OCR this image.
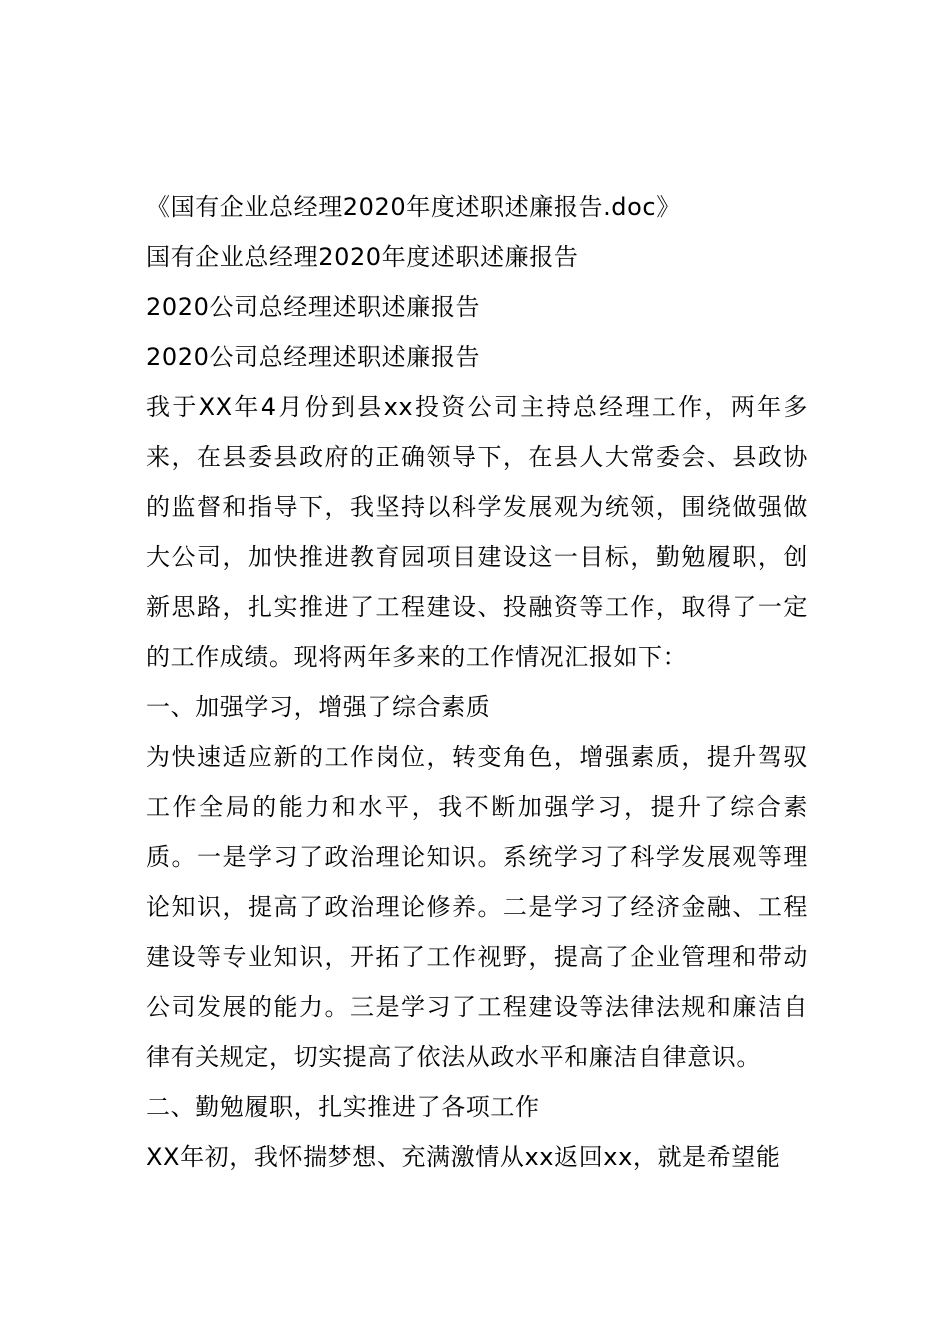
《国有企业总经理2020年度述职述廉报告.doc》
国有企业总经理2020年度述职述廉报告
2020公司总经理述职述廉报告
2020公司总经理述职述廉报告
我于XX年4月份到县xx投资公司主持总经理工作，两年多来，在县委县政府的正确领导下，在县人大常委会、县政协的监督和指导下，我坚持以科学发展观为统领，围绕做强做大公司，加快推进教育园项目建设这一目标，勤勉履职，创新思路，扎实推进了工程建设、投融资等工作，取得了一定的工作成绩。现将两年多来的工作情况汇报如下：
一、加强学习，增强了综合素质
为快速适应新的工作岗位，转变角色，增强素质，提升驾驭工作全局的能力和水平，我不断加强学习，提升了综合素质。一是学习了政治理论知识。系统学习了科学发展观等理论知识，提高了政治理论修养。二是学习了经济金融、工程建设等专业知识，开拓了工作视野，提高了企业管理和带动公司发展的能力。三是学习了工程建设等法律法规和廉洁自律有关规定，切实提高了依法从政水平和廉洁自律意识。
二、勤勉履职，扎实推进了各项工作
XX年初，我怀揣梦想、充满激情从xx返回xx，就是希望能
